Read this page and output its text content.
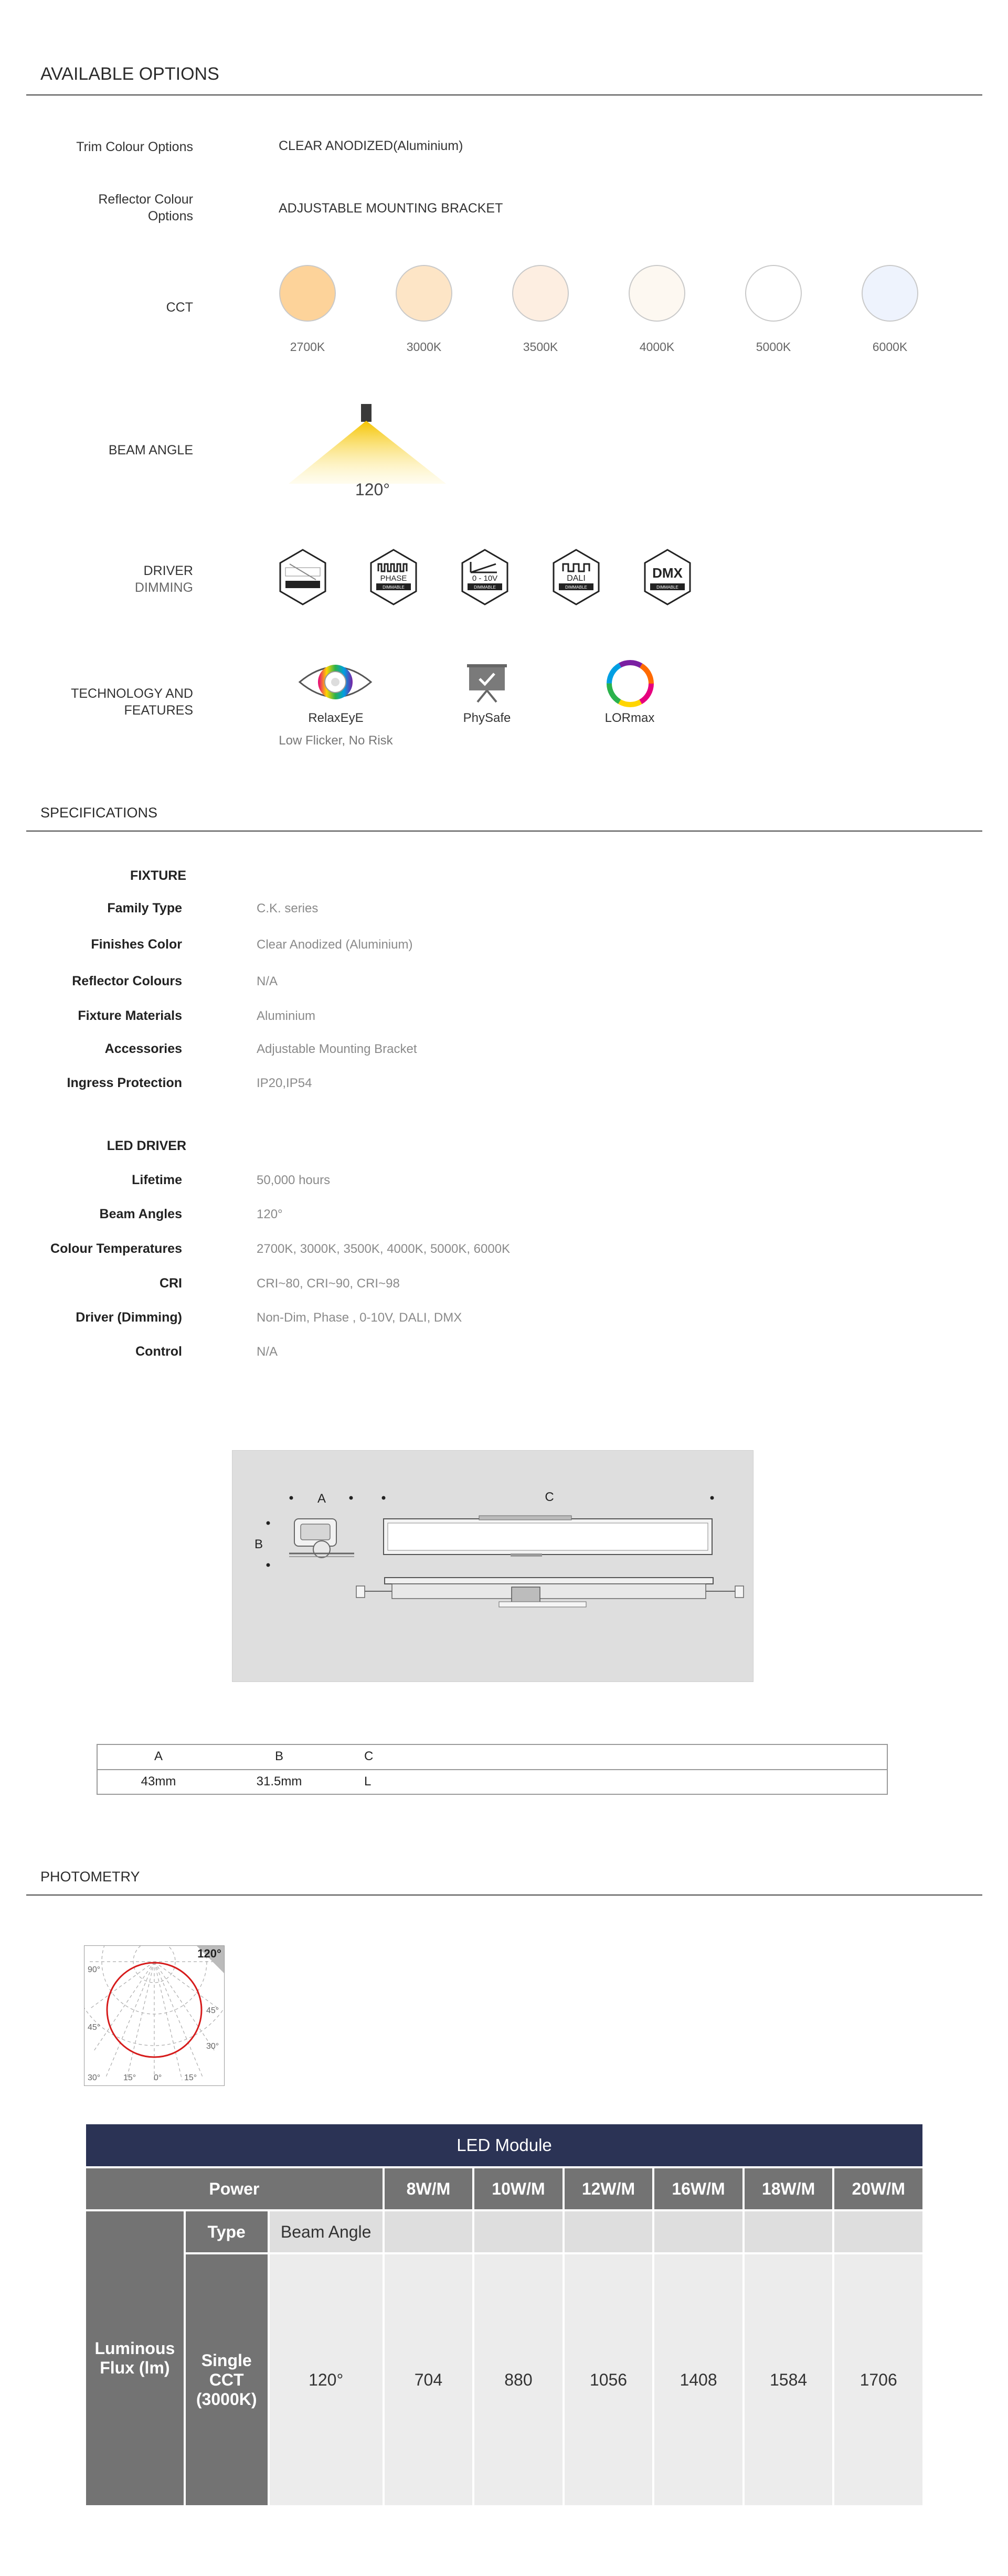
AVAILABLE OPTIONS
Trim Colour Options	CLEAR ANODIZED(Aluminium)
Reflector Colour
Options
ADJUSTABLE MOUNTING BRACKET
CCT
2700K	3000K	3500K	4000K	5000K	6000K
BEAM ANGLE
120°
DRIVER
DIMMING
PHASE
DIMMABLE
0 - 10V
DIMMABLE
DALI
DIMMABLE
DMX
DIMMABLE
TECHNOLOGY AND
FEATURES
RelaxEyE
Low Flicker, No Risk
PhySafe	LORmax
SPECIFICATIONS
FIXTURE
Family Type	C.K. series
Finishes Color	Clear Anodized (Aluminium)
Reflector Colours	N/A
Fixture Materials	Aluminium
Accessories	Adjustable Mounting Bracket
Ingress Protection	IP20,IP54
LED DRIVER
Lifetime	50,000 hours
Beam Angles	120°
Colour Temperatures	2700K, 3000K, 3500K, 4000K, 5000K, 6000K
CRI	CRI~80, CRI~90, CRI~98
Driver (Dimming)	Non-Dim, Phase , 0-10V, DALI, DMX
Control	N/A
A
B
C
A	B	C
43mm	31.5mm	L
PHOTOMETRY
120°
90°
45°
45°
30°
30°	15° 0°	15°
LED Module								
Power			8W/M	10W/M	12W/M	16W/M	18W/M	20W/M
Luminous Flux (lm)	Type	Beam Angle						
	Single CCT (3000K)	120°	704	880	1056	1408	1584	1706
